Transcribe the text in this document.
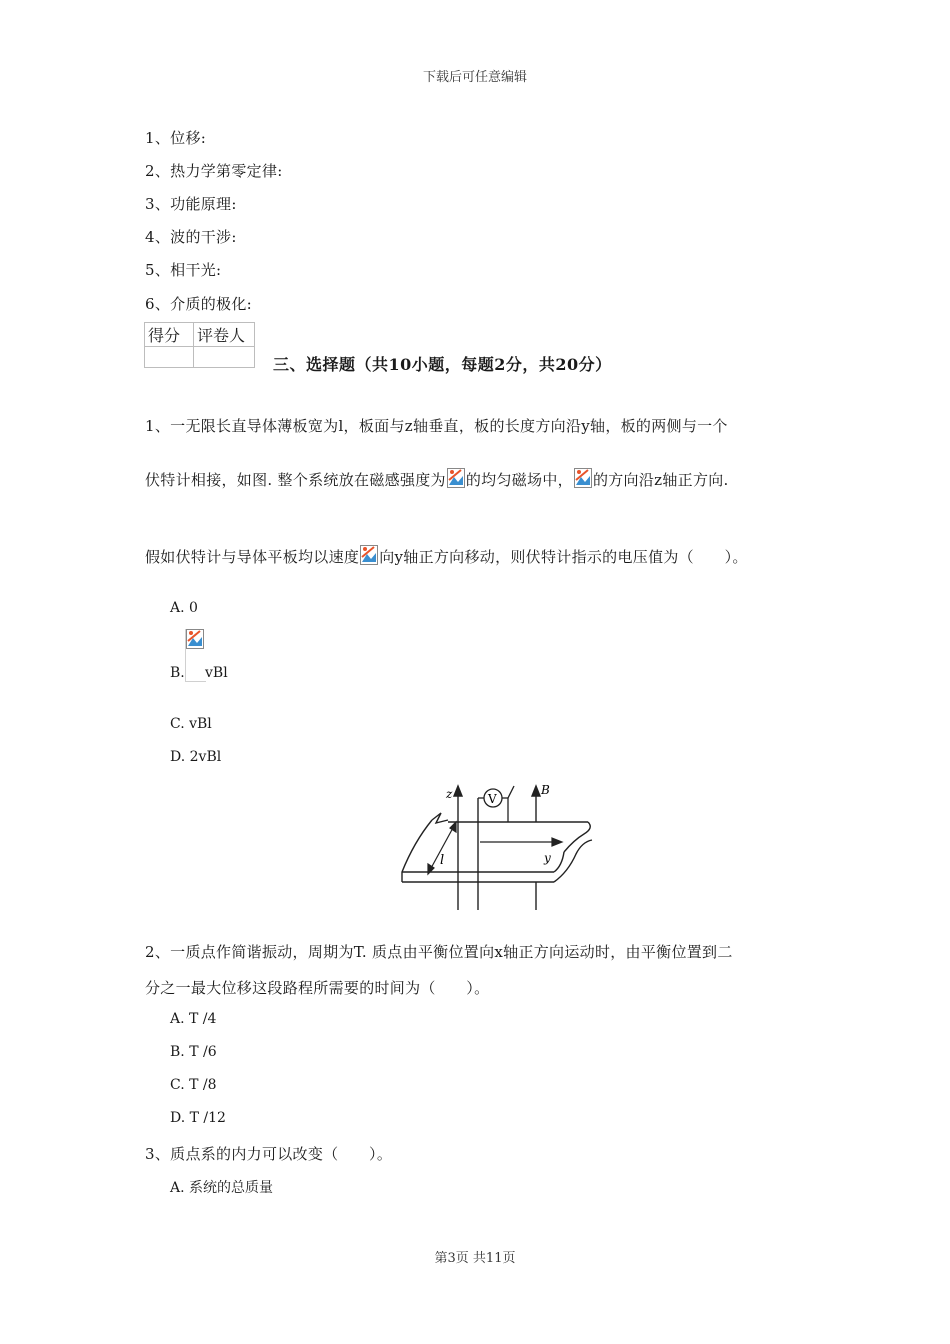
下载后可任意编辑
1、位移:
2、热力学第零定律:
3、功能原理:
4、波的干涉:
5、相干光:
6、介质的极化:
得分	评卷人

三、选择题（共10小题，每题2分，共20分）
1、一无限长直导体薄板宽为l，板面与z轴垂直，板的长度方向沿y轴，板的两侧与一个
伏特计相接，如图. 整个系统放在磁感强度为 的均匀磁场中， 的方向沿z轴正方向.
假如伏特计与导体平板均以速度 向y轴正方向移动，则伏特计指示的电压值为（　　）。
A. 0
B. vBl
C. vBl
D. 2vBl
z	V
B
y
l
2、一质点作简谐振动，周期为T. 质点由平衡位置向x轴正方向运动时，由平衡位置到二
分之一最大位移这段路程所需要的时间为（　　）。
A. T /4
B. T /6
C. T /8
D. T /12
3、质点系的内力可以改变（　　）。
A. 系统的总质量
第3页 共11页
